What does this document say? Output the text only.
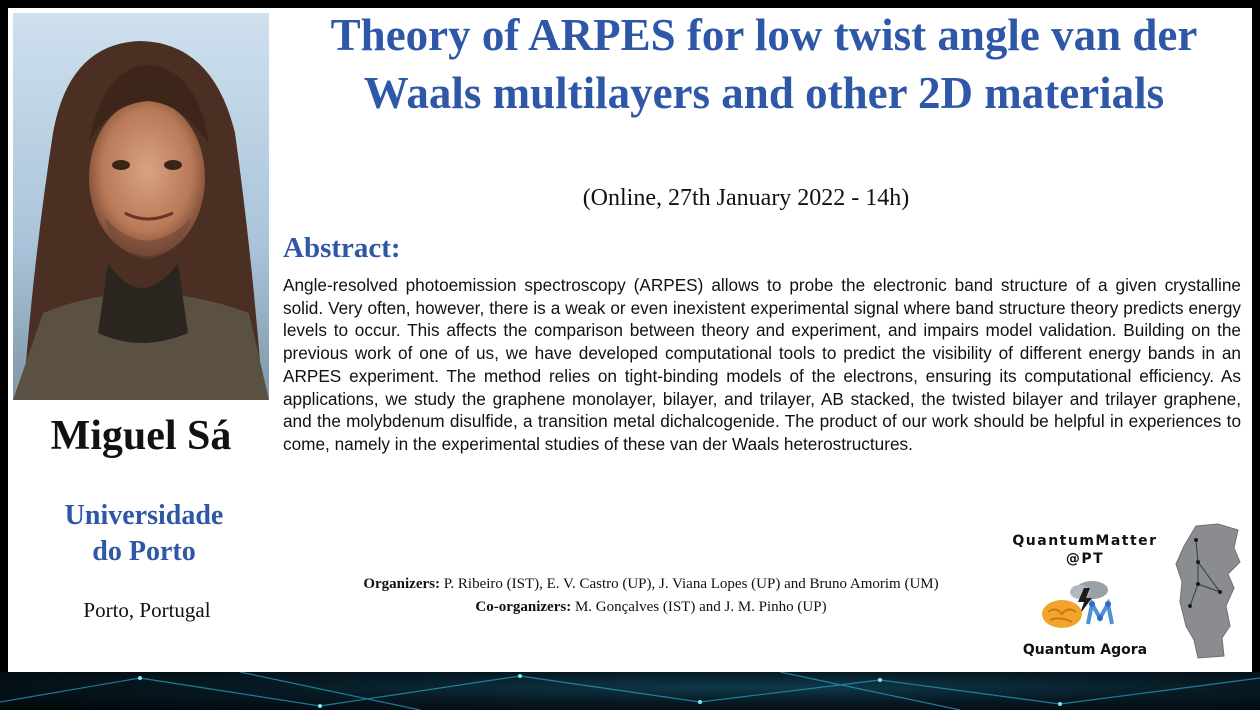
Miguel Sá
Universidade
do Porto
Porto, Portugal
Theory of ARPES for low twist angle van der Waals multilayers and other 2D materials
(Online, 27th January 2022 - 14h)
Abstract:
Angle-resolved photoemission spectroscopy (ARPES) allows to probe the electronic band structure of a given crystalline solid. Very often, however, there is a weak or even inexistent experimental signal where band structure theory predicts energy levels to occur. This affects the comparison between theory and experiment, and impairs model validation. Building on the previous work of one of us, we have developed computational tools to predict the visibility of different energy bands in an ARPES experiment. The method relies on tight-binding models of the electrons, ensuring its computational efficiency. As applications, we study the graphene monolayer, bilayer, and trilayer, AB stacked, the twisted bilayer and trilayer graphene, and the molybdenum disulfide, a transition metal dichalcogenide. The product of our work should be helpful in experiences to come, namely in the experimental studies of these van der Waals heterostructures.
Organizers: P. Ribeiro (IST), E. V. Castro (UP), J. Viana Lopes (UP) and Bruno Amorim (UM)
Co-organizers: M. Gonçalves (IST) and J. M. Pinho (UP)
QuantumMatter
@PT
Quantum Agora
